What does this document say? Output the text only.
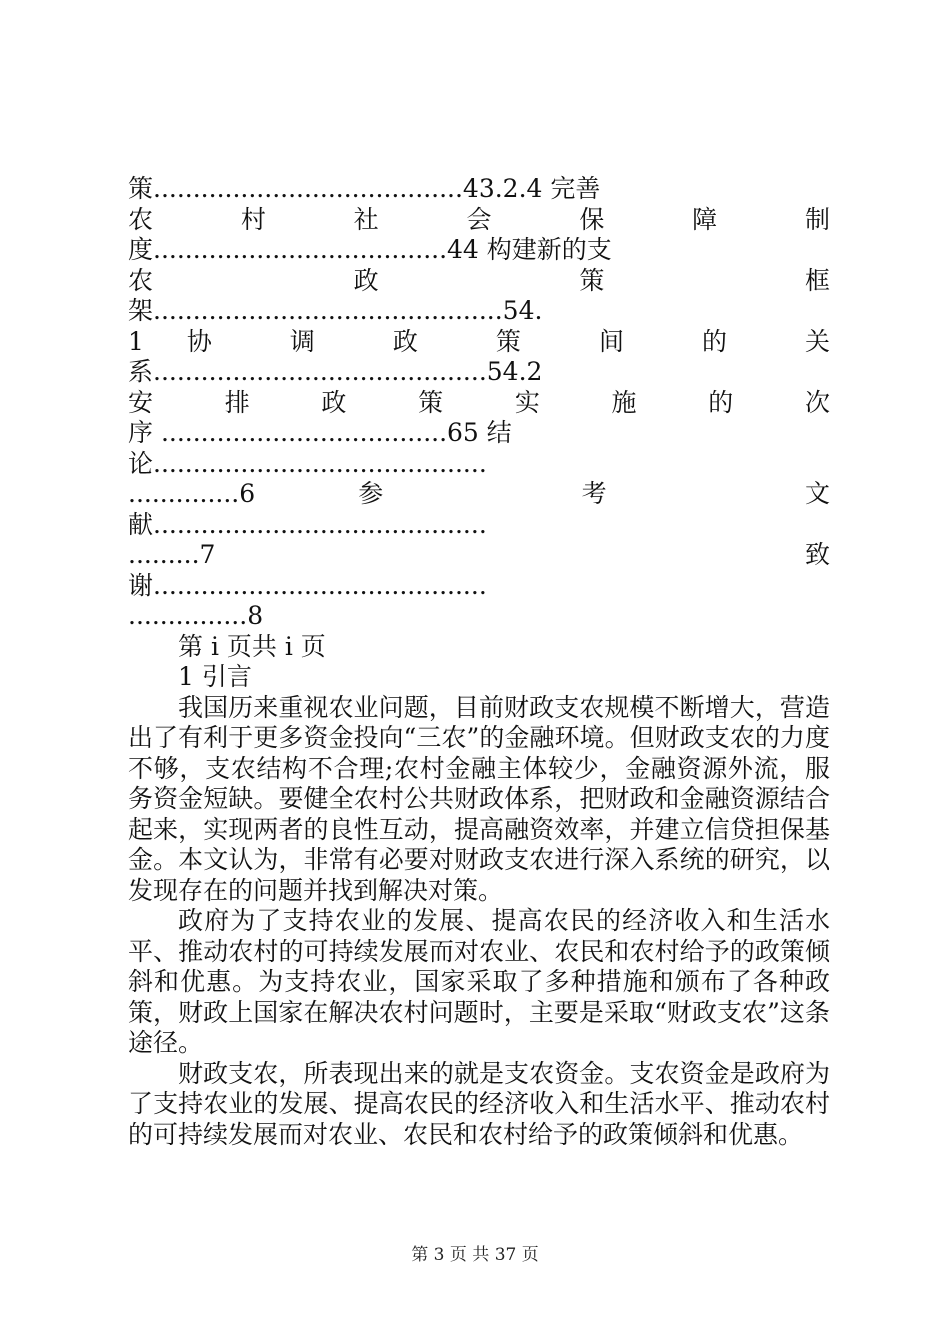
策.......................................43.2.4 完善
农 村 社 会 保 障 制
度.....................................44 构建新的支
农 政 策 框
架............................................54.
1 协 调 政 策 间 的 关
系..........................................54.2
安 排 政 策 实 施 的 次
序 ....................................65 结
论..........................................
..............6 参 考 文
献..........................................
.........7 致
谢..........................................
...............8
第 i 页共 i 页
1 引言

我国历来重视农业问题，目前财政支农规模不断增大，营造出了有利于更多资金投向“三农”的金融环境。但财政支农的力度不够，支农结构不合理;农村金融主体较少，金融资源外流，服务资金短缺。要健全农村公共财政体系，把财政和金融资源结合起来，实现两者的良性互动，提高融资效率，并建立信贷担保基金。本文认为，非常有必要对财政支农进行深入系统的研究，以发现存在的问题并找到解决对策。

政府为了支持农业的发展、提高农民的经济收入和生活水平、推动农村的可持续发展而对农业、农民和农村给予的政策倾斜和优惠。为支持农业，国家采取了多种措施和颁布了各种政策，财政上国家在解决农村问题时，主要是采取“财政支农”这条途径。

财政支农，所表现出来的就是支农资金。支农资金是政府为了支持农业的发展、提高农民的经济收入和生活水平、推动农村的可持续发展而对农业、农民和农村给予的政策倾斜和优惠。

第 3 页 共 37 页
